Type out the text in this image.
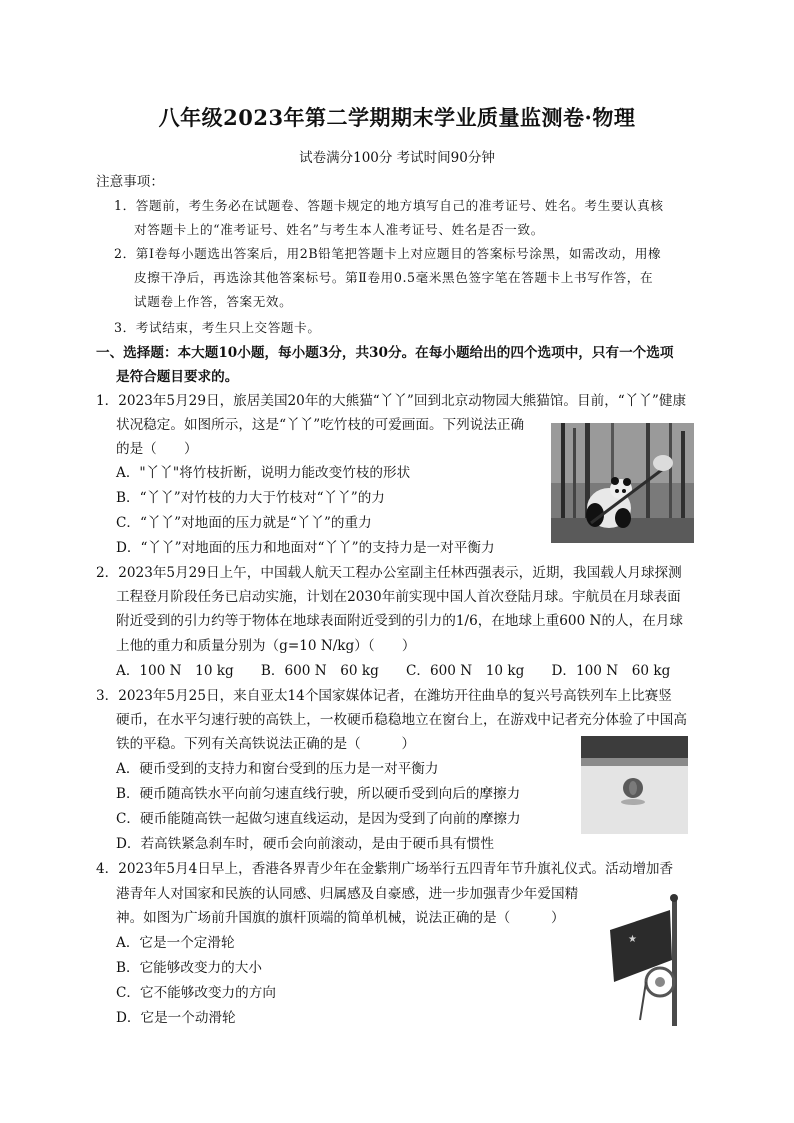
八年级2023年第二学期期末学业质量监测卷·物理
试卷满分100分 考试时间90分钟
注意事项：
1．答题前，考生务必在试题卷、答题卡规定的地方填写自己的准考证号、姓名。考生要认真核
对答题卡上的“准考证号、姓名”与考生本人准考证号、姓名是否一致。
2．第Ⅰ卷每小题选出答案后，用2B铅笔把答题卡上对应题目的答案标号涂黑，如需改动，用橡
皮擦干净后，再选涂其他答案标号。第Ⅱ卷用0.5毫米黑色签字笔在答题卡上书写作答，在
试题卷上作答，答案无效。
3．考试结束，考生只上交答题卡。
一、选择题：本大题10小题，每小题3分，共30分。在每小题给出的四个选项中，只有一个选项
是符合题目要求的。
1．2023年5月29日，旅居美国20年的大熊猫“丫丫”回到北京动物园大熊猫馆。目前，“丫丫”健康
状况稳定。如图所示，这是“丫丫”吃竹枝的可爱画面。下列说法正确
的是（　　）
A．"丫丫"将竹枝折断，说明力能改变竹枝的形状
B．“丫丫”对竹枝的力大于竹枝对“丫丫”的力
C．“丫丫”对地面的压力就是“丫丫”的重力
D．“丫丫”对地面的压力和地面对“丫丫”的支持力是一对平衡力
2．2023年5月29日上午，中国载人航天工程办公室副主任林西强表示，近期，我国载人月球探测
工程登月阶段任务已启动实施，计划在2030年前实现中国人首次登陆月球。宇航员在月球表面
附近受到的引力约等于物体在地球表面附近受到的引力的1/6，在地球上重600 N的人，在月球
上他的重力和质量分别为（g=10 N/kg）（　　）
A．100 N　10 kg　　B．600 N　60 kg　　C．600 N　10 kg　　D．100 N　60 kg
3．2023年5月25日，来自亚太14个国家媒体记者，在潍坊开往曲阜的复兴号高铁列车上比赛竖
硬币，在水平匀速行驶的高铁上，一枚硬币稳稳地立在窗台上，在游戏中记者充分体验了中国高
铁的平稳。下列有关高铁说法正确的是（　　　）
A．硬币受到的支持力和窗台受到的压力是一对平衡力
B．硬币随高铁水平向前匀速直线行驶，所以硬币受到向后的摩擦力
C．硬币能随高铁一起做匀速直线运动，是因为受到了向前的摩擦力
D．若高铁紧急刹车时，硬币会向前滚动，是由于硬币具有惯性
4．2023年5月4日早上，香港各界青少年在金紫荆广场举行五四青年节升旗礼仪式。活动增加香
港青年人对国家和民族的认同感、归属感及自豪感，进一步加强青少年爱国精
神。如图为广场前升国旗的旗杆顶端的简单机械，说法正确的是（　　　）
A．它是一个定滑轮
B．它能够改变力的大小
C．它不能够改变力的方向
D．它是一个动滑轮
★
